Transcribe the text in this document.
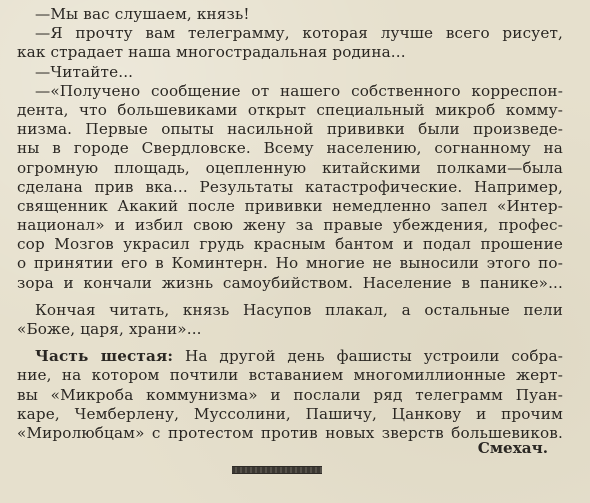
—Мы вас слушаем, князь!
—Я прочту вам телеграмму, которая лучше всего рисует,
как страдает наша многострадальная родина...
—Читайте...
—«Получено сообщение от нашего собственного корреспон-
дента, что большевиками открыт специальный микроб комму-
низма. Первые опыты насильной прививки были произведе-
ны в городе Свердловске. Всему населению, согнанному на
огромную площадь, оцепленную китайскими полками—была
сделана прив вка... Результаты катастрофические. Например,
священник Акакий после прививки немедленно запел «Интер-
национал» и избил свою жену за правые убеждения, профес-
сор Мозгов украсил грудь красным бантом и подал прошение
о принятии его в Коминтерн. Но многие не выносили этого по-
зора и кончали жизнь самоубийством. Население в панике»...
Кончая читать, князь Насупов плакал, а остальные пели
«Боже, царя, храни»...
Часть шестая: На другой день фашисты устроили собра-
ние, на котором почтили вставанием многомиллионные жерт-
вы «Микроба коммунизма» и послали ряд телеграмм Пуан-
каре, Чемберлену, Муссолини, Пашичу, Цанкову и прочим
«Миролюбцам» с протестом против новых зверств большевиков.
Смехач.
